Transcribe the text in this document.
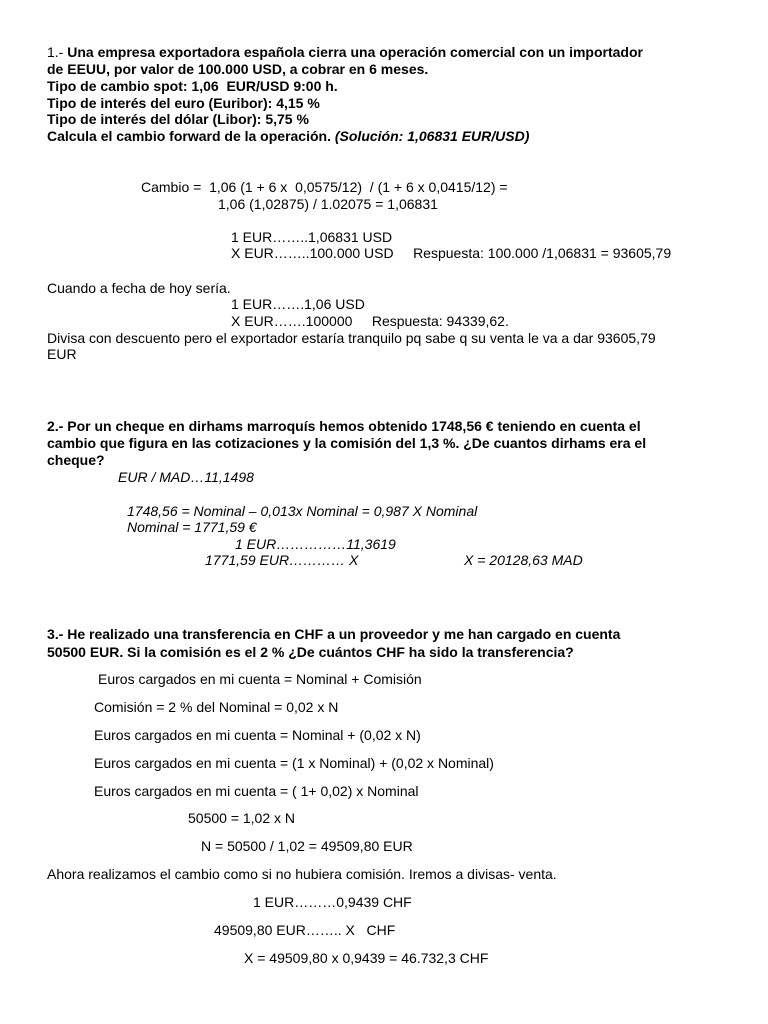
1.- Una empresa exportadora española cierra una operación comercial con un importador
de EEUU, por valor de 100.000 USD, a cobrar en 6 meses.
Tipo de cambio spot: 1,06  EUR/USD 9:00 h.
Tipo de interés del euro (Euribor): 4,15 %
Tipo de interés del dólar (Libor): 5,75 %
Calcula el cambio forward de la operación. (Solución: 1,06831 EUR/USD)
Cambio =  1,06 (1 + 6 x  0,0575/12)  / (1 + 6 x 0,0415/12) =
1,06 (1,02875) / 1.02075 = 1,06831
1 EUR……..1,06831 USD
X EUR……..100.000 USD     Respuesta: 100.000 /1,06831 = 93605,79
Cuando a fecha de hoy sería.
1 EUR…….1,06 USD
X EUR…….100000     Respuesta: 94339,62.
Divisa con descuento pero el exportador estaría tranquilo pq sabe q su venta le va a dar 93605,79
EUR
2.- Por un cheque en dirhams marroquís hemos obtenido 1748,56 € teniendo en cuenta el
cambio que figura en las cotizaciones y la comisión del 1,3 %. ¿De cuantos dirhams era el
cheque?
EUR / MAD…11,1498
1748,56 = Nominal – 0,013x Nominal = 0,987 X Nominal
Nominal = 1771,59 €
1 EUR……………11,3619
1771,59 EUR………… X	X = 20128,63 MAD
3.- He realizado una transferencia en CHF a un proveedor y me han cargado en cuenta
50500 EUR. Si la comisión es el 2 % ¿De cuántos CHF ha sido la transferencia?
Euros cargados en mi cuenta = Nominal + Comisión
Comisión = 2 % del Nominal = 0,02 x N
Euros cargados en mi cuenta = Nominal + (0,02 x N)
Euros cargados en mi cuenta = (1 x Nominal) + (0,02 x Nominal)
Euros cargados en mi cuenta = ( 1+ 0,02) x Nominal
50500 = 1,02 x N
N = 50500 / 1,02 = 49509,80 EUR
Ahora realizamos el cambio como si no hubiera comisión. Iremos a divisas- venta.
1 EUR………0,9439 CHF
49509,80 EUR…….. X   CHF
X = 49509,80 x 0,9439 = 46.732,3 CHF
